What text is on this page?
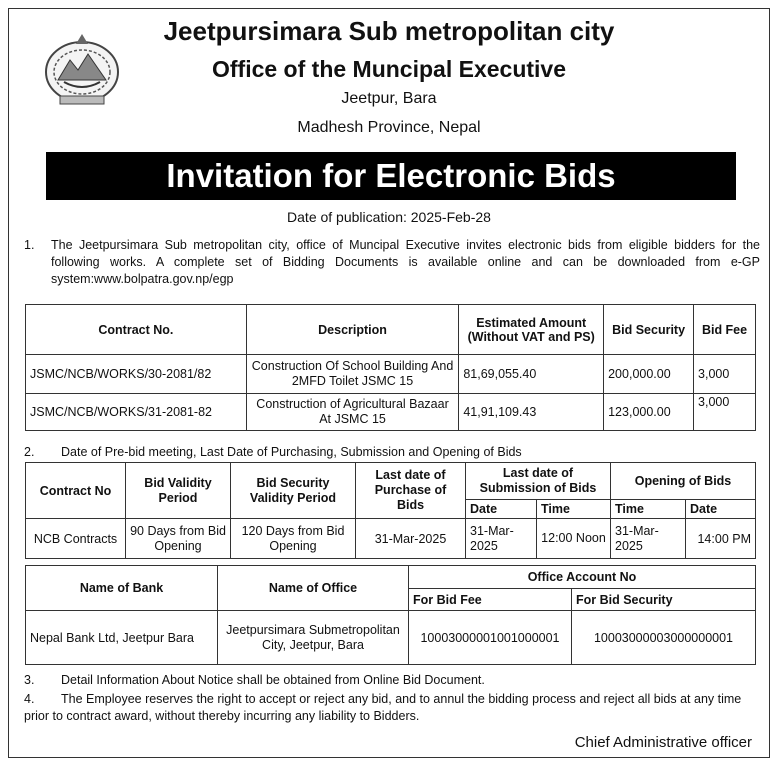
Jeetpursimara Sub metropolitan city
Office of the Muncipal Executive
Jeetpur, Bara
Madhesh Province, Nepal
Invitation for Electronic Bids
Date of publication: 2025-Feb-28
1. The Jeetpursimara Sub metropolitan city, office of Muncipal Executive invites electronic bids from eligible bidders for the following works. A complete set of Bidding Documents is available online and can be downloaded from e-GP system:www.bolpatra.gov.np/egp
Contract No.	Description	Estimated Amount (Without VAT and PS)	Bid Security	Bid Fee
JSMC/NCB/WORKS/30-2081/82	Construction Of School Building And 2MFD Toilet JSMC 15	81,69,055.40	200,000.00	3,000
JSMC/NCB/WORKS/31-2081-82	Construction of Agricultural Bazaar At JSMC 15	41,91,109.43	123,000.00	3,000
2. Date of Pre-bid meeting, Last Date of Purchasing, Submission and Opening of Bids
Contract No	Bid Validity Period	Bid Security Validity Period	Last date of Purchase of Bids	Last date of Submission of Bids		Opening of Bids	
				Date	Time	Time	Date
NCB Contracts	90 Days from Bid Opening	120 Days from Bid Opening	31-Mar-2025	31-Mar-2025	12:00 Noon	31-Mar-2025	14:00 PM
Name of Bank	Name of Office	Office Account No	
		For Bid Fee	For Bid Security
Nepal Bank Ltd, Jeetpur Bara	Jeetpursimara Submetropolitan City, Jeetpur, Bara	10003000001001000001	10003000003000000001
3. Detail Information About Notice shall be obtained from Online Bid Document.
4. The Employee reserves the right to accept or reject any bid, and to annul the bidding process and reject all bids at any time prior to contract award, without thereby incurring any liability to Bidders.
Chief Administrative officer
